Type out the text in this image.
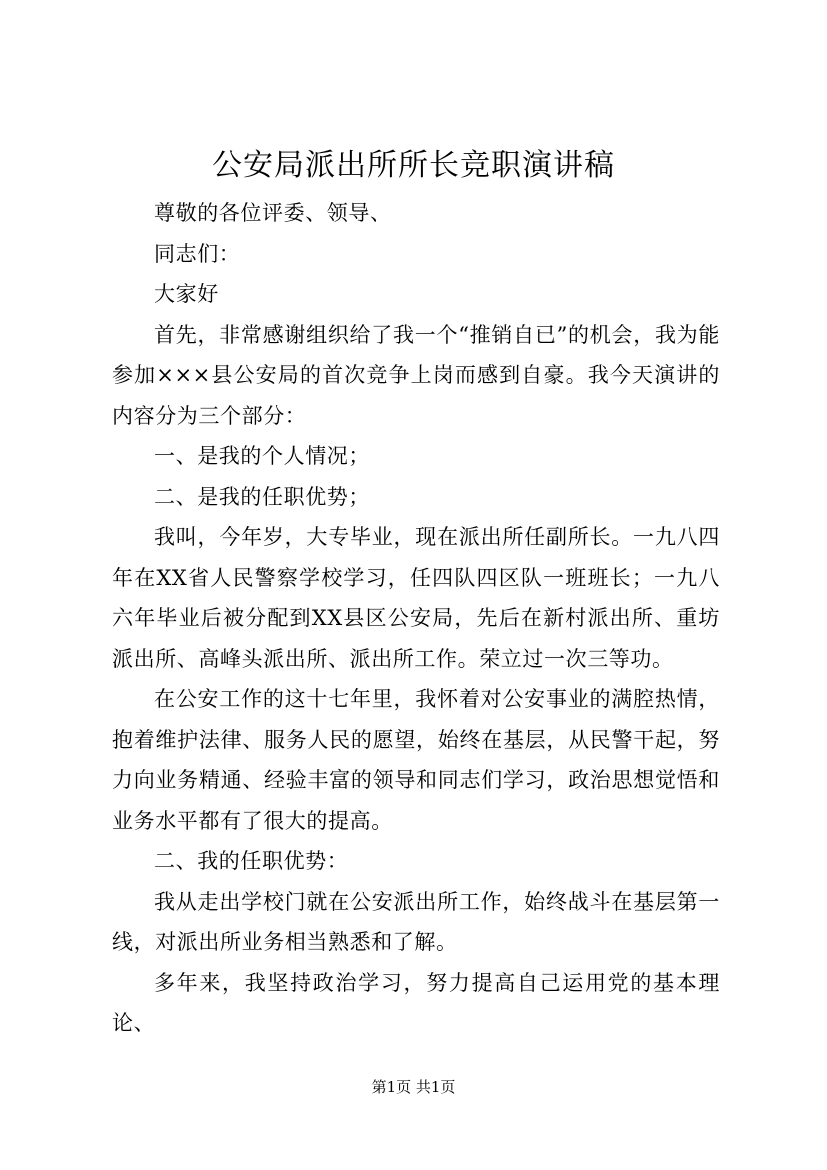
公安局派出所所长竞职演讲稿

尊敬的各位评委、领导、

同志们：

大家好

首先，非常感谢组织给了我一个“推销自已”的机会，我为能参加×××县公安局的首次竞争上岗而感到自豪。我今天演讲的内容分为三个部分：

一、是我的个人情况；

二、是我的任职优势；

我叫，今年岁，大专毕业，现在派出所任副所长。一九八四年在XX省人民警察学校学习，任四队四区队一班班长；一九八六年毕业后被分配到XX县区公安局，先后在新村派出所、重坊派出所、高峰头派出所、派出所工作。荣立过一次三等功。

在公安工作的这十七年里，我怀着对公安事业的满腔热情，抱着维护法律、服务人民的愿望，始终在基层，从民警干起，努力向业务精通、经验丰富的领导和同志们学习，政治思想觉悟和业务水平都有了很大的提高。

二、我的任职优势：

我从走出学校门就在公安派出所工作，始终战斗在基层第一线，对派出所业务相当熟悉和了解。

多年来，我坚持政治学习，努力提高自己运用党的基本理论、

第1页 共1页
